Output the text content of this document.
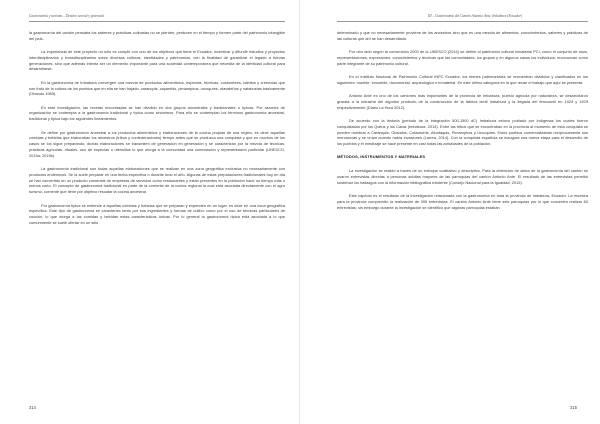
Gastronomía y turismo – Destino teorial y potencial

la gastronomía del cantón pensaba los saberes y prácticas culinarias no se pierden, perduren en el tiempo y formen parte del patrimonio intangible del país.

La importancia de este proyecto no sólo es cumplir con uno de los objetivos que tiene el Ecuador, incentivar y difundir estudios y proyectos interdisciplinarios y transdisciplinarios sobre diversas culturas, identidades y patrimonios, con la finalidad de garantizar el legado a futuras generaciones; sino que además intenta ser un elemento importante para una sociedad contemporánea que necesita de la identidad cultural para desarrollarse.

En la gastronomía de Imbabura convergen una mezcla de productos alimenticios, especias, técnicas, costumbres, hábitos y creencias que son fruto de la cultura de los pueblos que en ella se han forjado: caranquis, cayambis, pimampiros, urcuquíes, otavaleños y natabuelas básicamente (Obando 1985).

En este investigación, las recetas encontradas se han dividido en dos grupos ancestrales y tradicionales o típicas. Por razones de organización se contempla a la gastronomía tradicional y típica como sinónimos. Para ello se contemplan los términos gastronomía ancestral, tradicional y típica bajo los siguientes lineamientos.

Se define por gastronomía ancestral a los productos alimenticios y elaboraciones de la cocina propias de una región, es decir aquellas comidas y bebidas que elaboraban los ancestros (tribus y confederaciones) tiempo antes que se produzca una conquista y que en muchos de los casos se los sigue preparando, dichas elaboraciones se transmiten de generación en generación y se caracterizan por la mezcla de técnicas, prácticas agrícolas, rituales, uso de especias o utensilios lo que otorga a la comunidad una connotación y representación particular (UNESCO, 2015a; 2015b).

La gastronomía tradicional son todas aquellas elaboraciones que se realizan en una zona geográfica exclusiva no necesariamente con productos endémicos. Se la suele preparar en una fecha específica o durante todo el año. Algunas de estas preparaciones tradicionales hoy en día se han convertido en un producto comercial de empresas de servicios como restaurantes y están presentes en la población hace un tiempo más o menos corto. El concepto de gastronomía tradicional en parte de la corriente de la cocina regional la cual está asociada directamente con el agro turismo, corriente que tiene por objetivo rescatar la cocina ancestral.

Por gastronomía típica se entiende a aquellas comidas y bebidas que se preparan y expenden en un lugar, es decir en una zona geográfica específica. Este tipo de gastronomía se caracteriza tanto por sus ingredientes y formas de cultivo como por el uso de técnicas particulares de cocción, lo que otorga a las comidas y bebidas estas características únicas. Por lo general la gastronomía típica está asociada a lo que comúnmente se suele ofertar en un sitio

314
III – Gastronomía del Cantón Antonio Ante, Imbabura (Ecuador)

determinado y que no necesariamente proviene de los ancestros sino que es una mezcla de alimentos, conocimientos, saberes y prácticas de las culturas que ahí se han desarrollado.

Por otro lado según la convención 2003 de la UNESCO (2014) se define al patrimonio cultural inmaterial PCI, como el conjunto de usos, representaciones, expresiones, conocimientos y técnicas que las comunidades, los grupos y en algunos casos los individuos, reconozcan como parte integrante de su patrimonio cultural.

En el Instituto Nacional de Patrimonio Cultural INPC Ecuador, los bienes patrimoniales se encuentran divididos y clasificados en los siguientes: mueble, inmueble, documental, arqueológico e inmaterial. En este último categoría en la que recae el trabajo que aquí se presenta.

Antonio Ante es uno de los cantones más importantes de la provincia de Imbabura, pueblo agrícola por naturaleza, se desarrollaron gracias a la industria del algodón producto de la construcción de la fábrica textil Imbabura y la llegada del ferrocarril en 1924 y 1929 respectivamente (Diario La Hora 2012).

De acuerdo con la historia (periodo de la integración 500-1500 dC) Imbabura estuvo poblado por indígenas los cuales fueron conquistados por los Quitus y los Caras (Imbabura, 2014). Entre las tribus que se encontraban en la provincia al momento de esta conquista se pueden nombrar a Caranquis, Otavalos, Cotacachis, Atuntaquis, Pimampiros y Urcuquíes. Estos pueblos comercializaban recíprocamente sus mercancías y se unían cuando había invasiones (Larrea, 2014). Con la conquista española se inaugura una nueva etapa para el desarrollo de los pueblos y el mestizaje se hace presente en casi todas las actividades de la población.

MÉTODOS, INSTRUMENTOS Y MATERIALES

La investigación se realizó a través de un enfoque cualitativo y descriptivo. Para la obtención de datos de la gastronomía del cantón se usaron entrevistas directas a personas adultas mayores de las parroquias del cantón Antonio Ante. El resultado de las entrevistas permitió sustentar los hallazgos con la información bibliográfica existente (Consejo Nacional para la Igualdad, 2015).

Este capítulo es el resultado de la investigación relacionada con la gastronomía en toda la provincia de Imbabura, Ecuador. La muestra para la provincia comprendió la realización de 395 entrevistas. El cantón Antonio Ante tiene seis parroquias por lo que concentra realizar 60 entrevistas; sin embargo durante la investigación se identificó que algunas parroquias estaban

315
